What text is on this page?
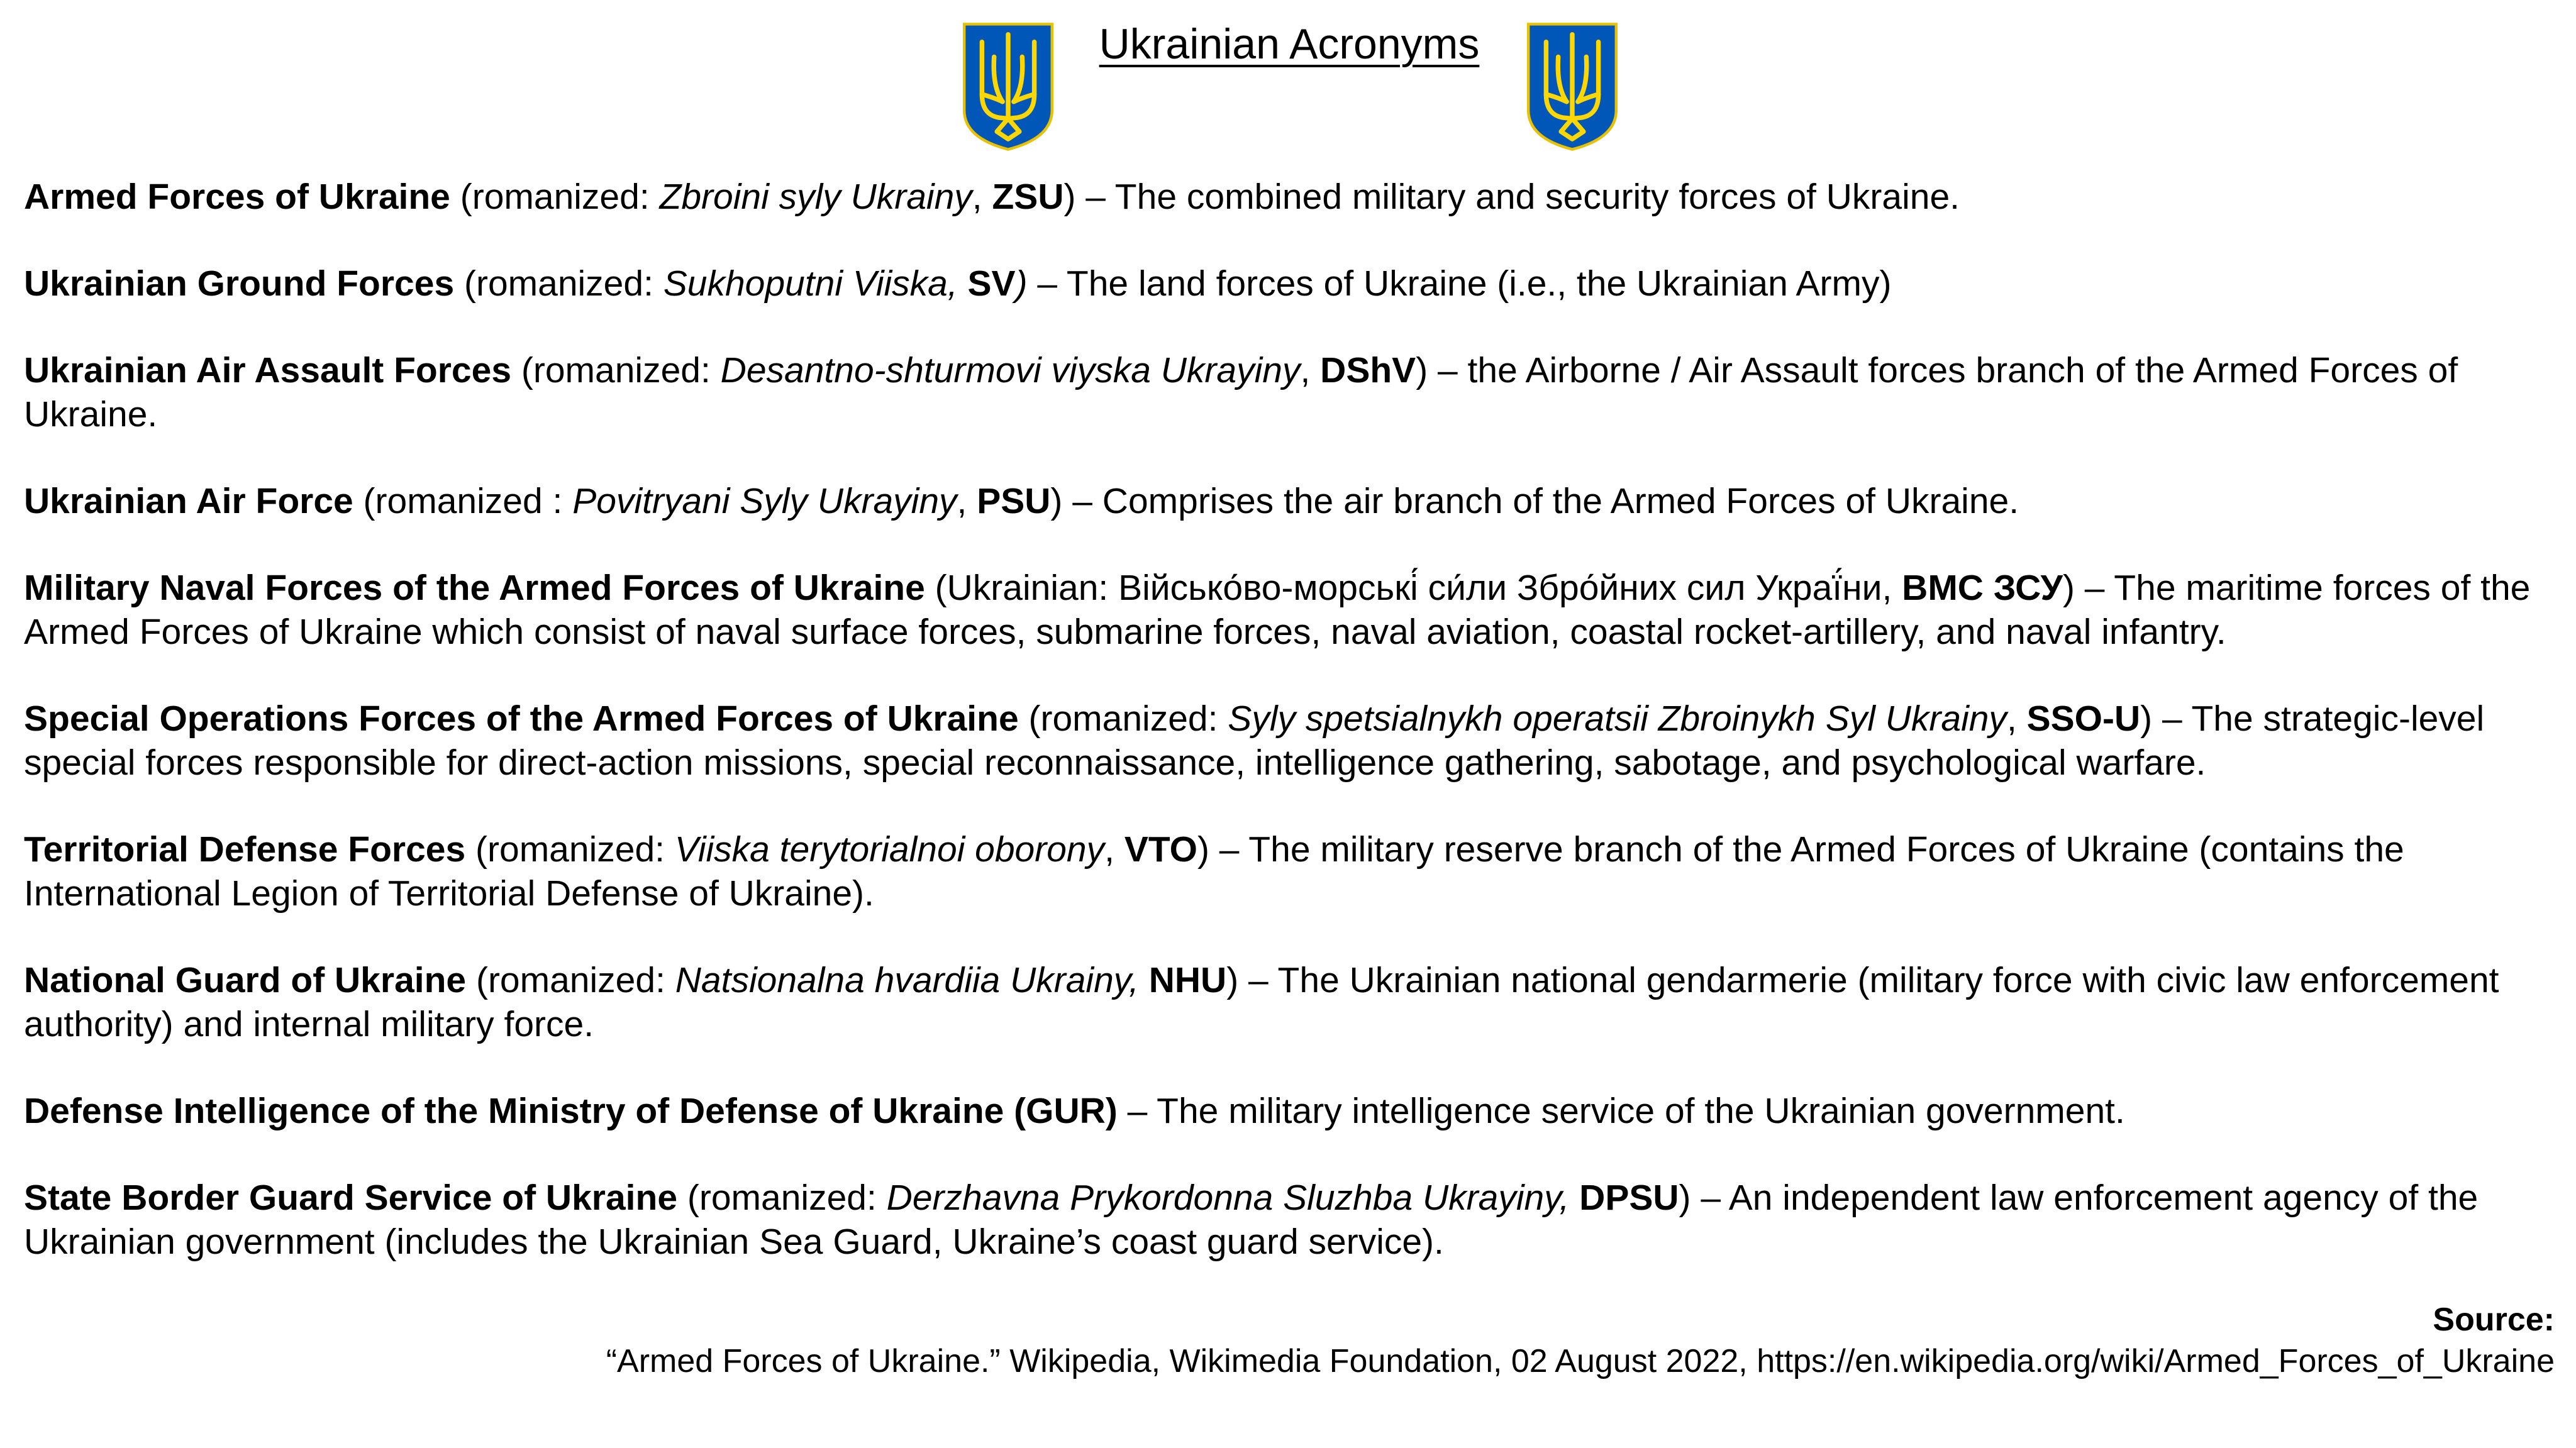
Ukrainian Acronyms

Armed Forces of Ukraine (romanized: Zbroini syly Ukrainy, ZSU) – The combined military and security forces of Ukraine.

Ukrainian Ground Forces (romanized: Sukhoputni Viiska, SV) – The land forces of Ukraine (i.e., the Ukrainian Army)

Ukrainian Air Assault Forces (romanized: Desantno-shturmovi viyska Ukrayiny, DShV) – the Airborne / Air Assault forces branch of the Armed Forces of Ukraine.

Ukrainian Air Force (romanized : Povitryani Syly Ukrayiny, PSU) – Comprises the air branch of the Armed Forces of Ukraine.

Military Naval Forces of the Armed Forces of Ukraine (Ukrainian: Військо́во-морські́ си́ли Збро́йних сил Украї́ни, ВМС ЗСУ) – The maritime forces of the Armed Forces of Ukraine which consist of naval surface forces, submarine forces, naval aviation, coastal rocket-artillery, and naval infantry.

Special Operations Forces of the Armed Forces of Ukraine (romanized: Syly spetsialnykh operatsii Zbroinykh Syl Ukrainy, SSO-U) – The strategic-level special forces responsible for direct-action missions, special reconnaissance, intelligence gathering, sabotage, and psychological warfare.

Territorial Defense Forces (romanized: Viiska terytorialnoi oborony, VTO) – The military reserve branch of the Armed Forces of Ukraine (contains the International Legion of Territorial Defense of Ukraine).

National Guard of Ukraine (romanized: Natsionalna hvardiia Ukrainy, NHU) – The Ukrainian national gendarmerie (military force with civic law enforcement authority) and internal military force.

Defense Intelligence of the Ministry of Defense of Ukraine (GUR) – The military intelligence service of the Ukrainian government.

State Border Guard Service of Ukraine (romanized: Derzhavna Prykordonna Sluzhba Ukrayiny, DPSU) – An independent law enforcement agency of the Ukrainian government (includes the Ukrainian Sea Guard, Ukraine’s coast guard service).

Source:
“Armed Forces of Ukraine.” Wikipedia, Wikimedia Foundation, 02 August 2022, https://en.wikipedia.org/wiki/Armed_Forces_of_Ukraine
